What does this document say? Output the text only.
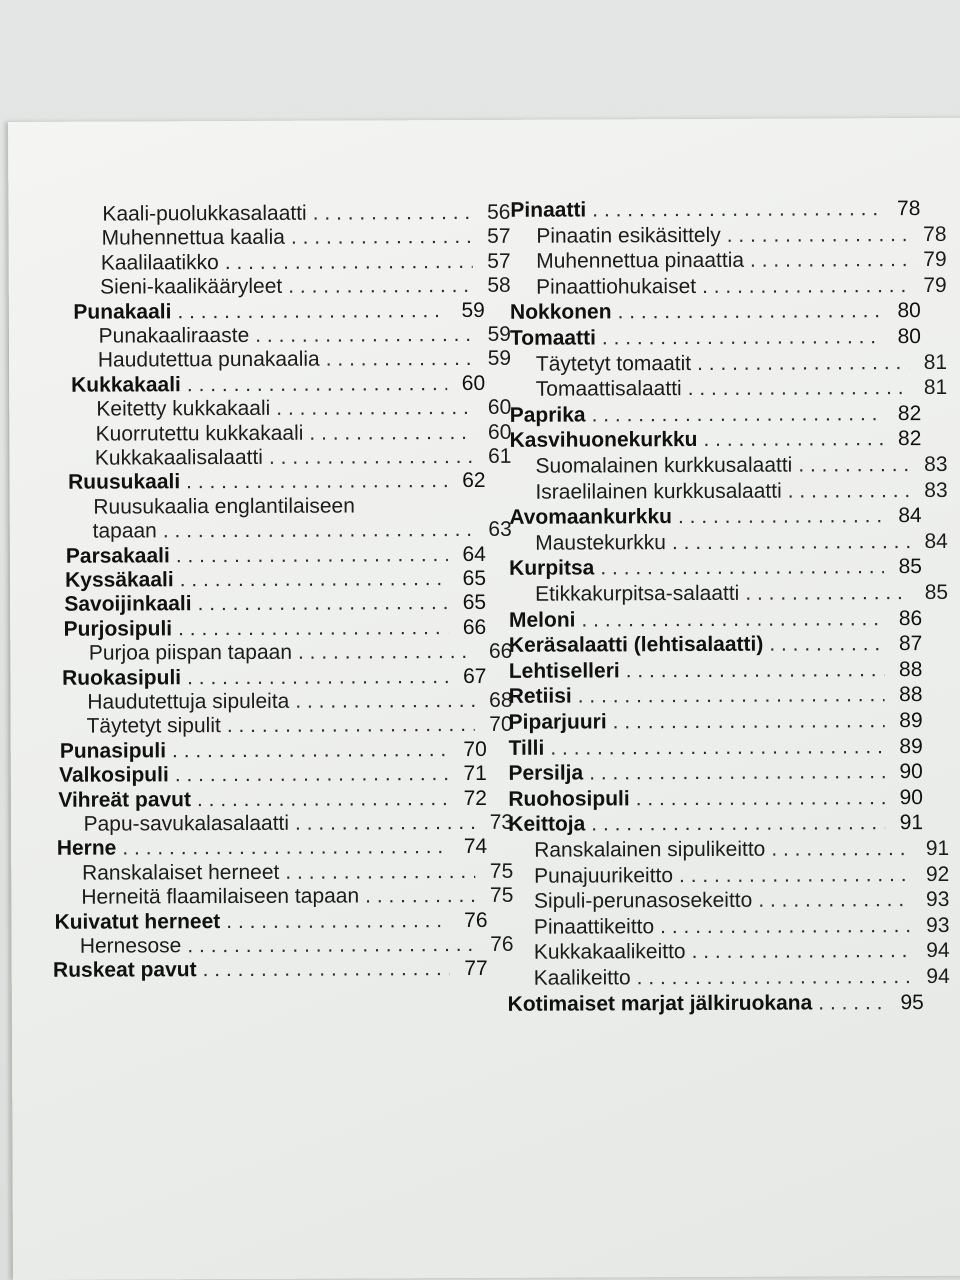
Kaali-puolukkasalaatti . . .	56
Muhennettua kaalia . . .	57
Kaalilaatikko . . .	57
Sieni-kaalikääryleet . . .	58
Punakaali . . .	59
Punakaaliraaste . . .	59
Haudutettua punakaalia . . .	59
Kukkakaali . . .	60
Keitetty kukkakaali . . .	60
Kuorrutettu kukkakaali . . .	60
Kukkakaalisalaatti . . .	61
Ruusukaali . . .	62
Ruusukaalia englantilaiseen
tapaan . . .	63
Parsakaali . . .	64
Kyssäkaali . . .	65
Savoijinkaali . . .	65
Purjosipuli . . .	66
Purjoa piispan tapaan . . .	66
Ruokasipuli . . .	67
Haudutettuja sipuleita . . .	68
Täytetyt sipulit . . .	70
Punasipuli . . .	70
Valkosipuli . . .	71
Vihreät pavut . . .	72
Papu-savukalasalaatti . . .	73
Herne . . .	74
Ranskalaiset herneet . . .	75
Herneitä flaamilaiseen tapaan . . .	75
Kuivatut herneet . . .	76
Hernesose . . .	76
Ruskeat pavut . . .	77
Pinaatti . . .	78
Pinaatin esikäsittely . . .	78
Muhennettua pinaattia . . .	79
Pinaattiohukaiset . . .	79
Nokkonen . . .	80
Tomaatti . . .	80
Täytetyt tomaatit . . .	81
Tomaattisalaatti . . .	81
Paprika . . .	82
Kasvihuonekurkku . . .	82
Suomalainen kurkkusalaatti . . .	83
Israelilainen kurkkusalaatti . . .	83
Avomaankurkku . . .	84
Maustekurkku . . .	84
Kurpitsa . . .	85
Etikkakurpitsa-salaatti . . .	85
Meloni . . .	86
Keräsalaatti (lehtisalaatti) . . .	87
Lehtiselleri . . .	88
Retiisi . . .	88
Piparjuuri . . .	89
Tilli . . .	89
Persilja . . .	90
Ruohosipuli . . .	90
Keittoja . . .	91
Ranskalainen sipulikeitto . . .	91
Punajuurikeitto . . .	92
Sipuli-perunasosekeitto . . .	93
Pinaattikeitto . . .	93
Kukkakaalikeitto . . .	94
Kaalikeitto . . .	94
Kotimaiset marjat jälkiruokana . . .	95
